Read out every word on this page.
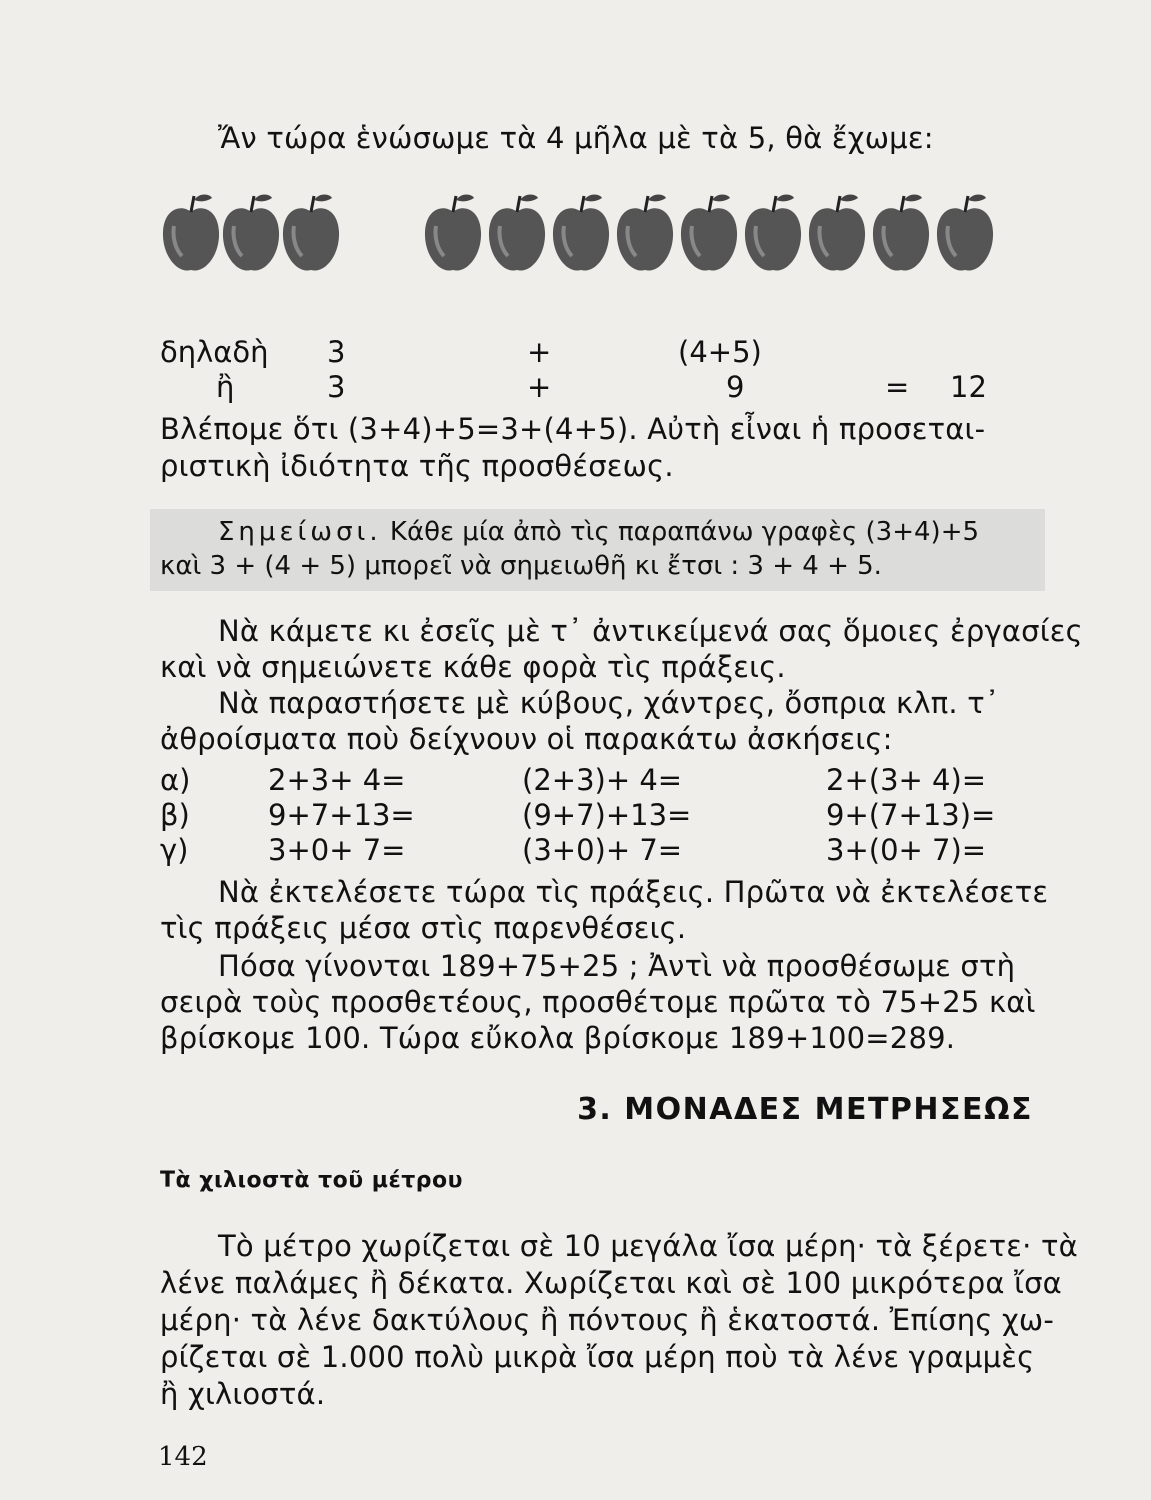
Ἄν τώρα ἑνώσωμε τὰ 4 μῆλα μὲ τὰ 5, θὰ ἔχωμε:
δηλαδὴ 3	+	(4+5)
ἢ	3	+	9	= 12
Βλέπομε ὅτι (3+4)+5=3+(4+5). Αὐτὴ εἶναι ἡ προσεται-
ριστικὴ ἰδιότητα τῆς προσθέσεως.
Σημείωσι. Κάθε μία ἀπὸ τὶς παραπάνω γραφὲς (3+4)+5
καὶ 3 + (4 + 5) μπορεῖ νὰ σημειωθῆ κι ἔτσι : 3 + 4 + 5.
Νὰ κάμετε κι ἐσεῖς μὲ τ᾽ ἀντικείμενά σας ὅμοιες ἐργασίες
καὶ νὰ σημειώνετε κάθε φορὰ τὶς πράξεις.
Νὰ παραστήσετε μὲ κύβους, χάντρες, ὄσπρια κλπ. τ᾽
ἀθροίσματα ποὺ δείχνουν οἱ παρακάτω ἀσκήσεις:
α)	2+3+ 4=	(2+3)+ 4=	2+(3+ 4)=
β)	9+7+13=	(9+7)+13=	9+(7+13)=
γ)	3+0+ 7=	(3+0)+ 7=	3+(0+ 7)=
Νὰ ἐκτελέσετε τώρα τὶς πράξεις. Πρῶτα νὰ ἐκτελέσετε
τὶς πράξεις μέσα στὶς παρενθέσεις.
Πόσα γίνονται 189+75+25 ; Ἀντὶ νὰ προσθέσωμε στὴ
σειρὰ τοὺς προσθετέους, προσθέτομε πρῶτα τὸ 75+25 καὶ
βρίσκομε 100. Τώρα εὔκολα βρίσκομε 189+100=289.
3. ΜΟΝΑΔΕΣ ΜΕΤΡΗΣΕΩΣ
Τὰ χιλιοστὰ τοῦ μέτρου
Τὸ μέτρο χωρίζεται σὲ 10 μεγάλα ἴσα μέρη· τὰ ξέρετε· τὰ
λένε παλάμες ἢ δέκατα. Χωρίζεται καὶ σὲ 100 μικρότερα ἴσα
μέρη· τὰ λένε δακτύλους ἢ πόντους ἢ ἑκατοστά. Ἐπίσης χω-
ρίζεται σὲ 1.000 πολὺ μικρὰ ἴσα μέρη ποὺ τὰ λένε γραμμὲς
ἢ χιλιοστά.
142
